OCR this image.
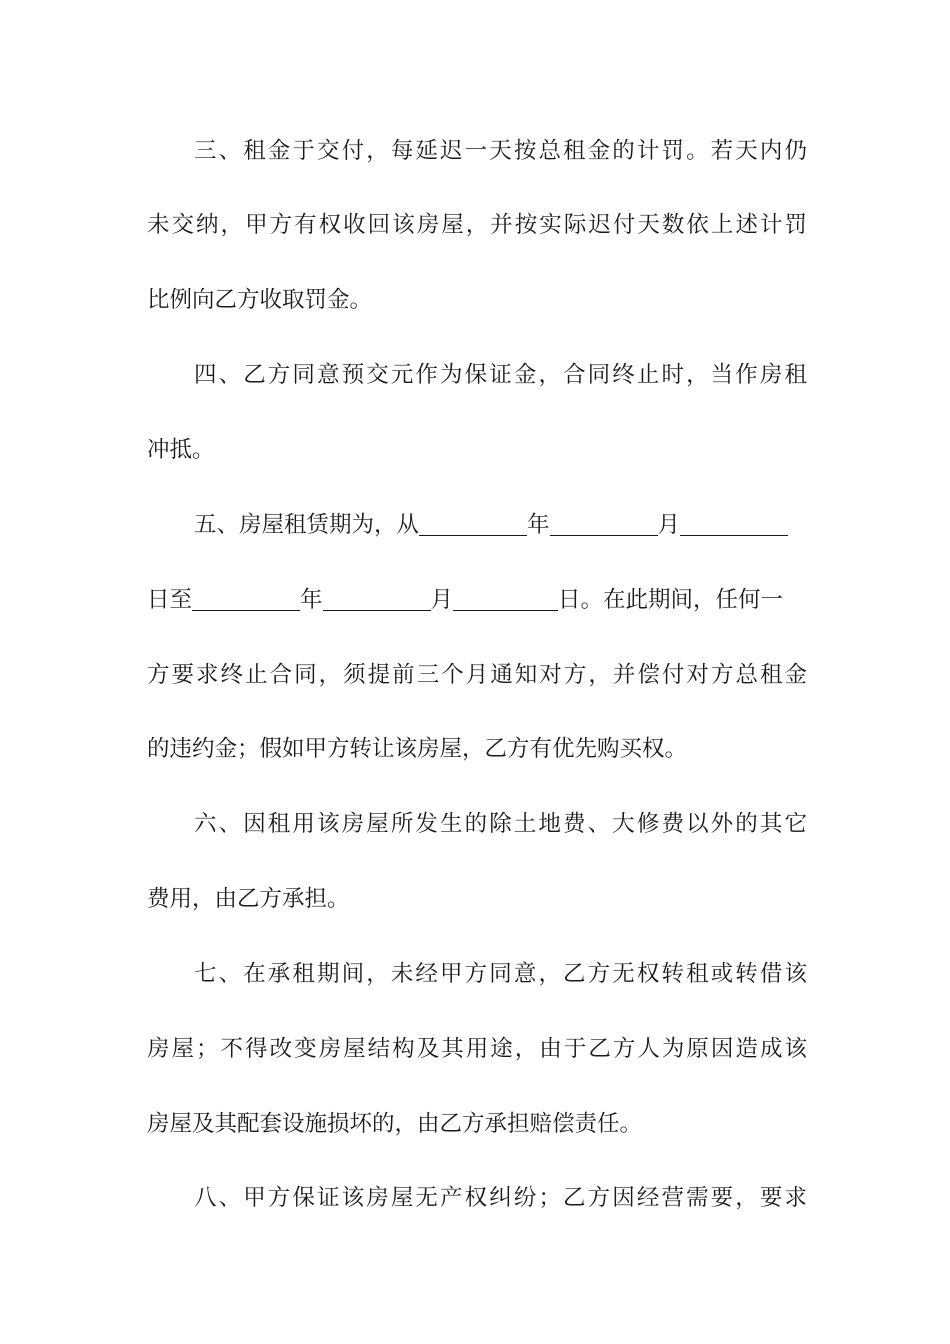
三、租金于交付，每延迟一天按总租金的计罚。若天内仍
未交纳，甲方有权收回该房屋，并按实际迟付天数依上述计罚
比例向乙方收取罚金。
四、乙方同意预交元作为保证金，合同终止时，当作房租
冲抵。
五、房屋租赁期为，从	年	月
日至	年	月	日。在此期间，任何一
方要求终止合同，须提前三个月通知对方，并偿付对方总租金
的违约金；假如甲方转让该房屋，乙方有优先购买权。
六、因租用该房屋所发生的除土地费、大修费以外的其它
费用，由乙方承担。
七、在承租期间，未经甲方同意，乙方无权转租或转借该
房屋；不得改变房屋结构及其用途，由于乙方人为原因造成该
房屋及其配套设施损坏的，由乙方承担赔偿责任。
八、甲方保证该房屋无产权纠纷；乙方因经营需要，要求
